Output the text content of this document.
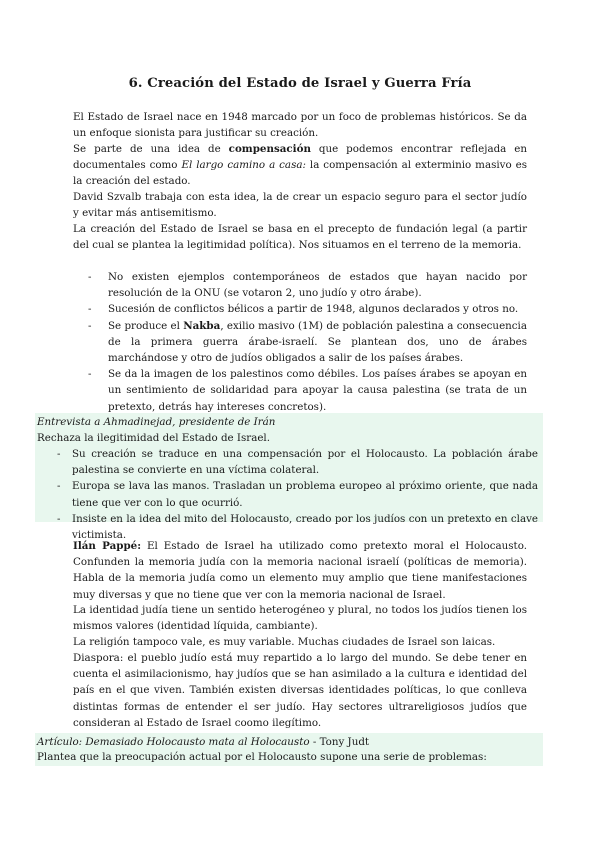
6. Creación del Estado de Israel y Guerra Fría

El Estado de Israel nace en 1948 marcado por un foco de problemas históricos. Se da un enfoque sionista para justificar su creación.

Se parte de una idea de compensación que podemos encontrar reflejada en documentales como El largo camino a casa: la compensación al exterminio masivo es la creación del estado.

David Szvalb trabaja con esta idea, la de crear un espacio seguro para el sector judío y evitar más antisemitismo.

La creación del Estado de Israel se basa en el precepto de fundación legal (a partir del cual se plantea la legitimidad política). Nos situamos en el terreno de la memoria.

- No existen ejemplos contemporáneos de estados que hayan nacido por resolución de la ONU (se votaron 2, uno judío y otro árabe).
- Sucesión de conflictos bélicos a partir de 1948, algunos declarados y otros no.
- Se produce el Nakba, exilio masivo (1M) de población palestina a consecuencia de la primera guerra árabe-israelí. Se plantean dos, uno de árabes marchándose y otro de judíos obligados a salir de los países árabes.
- Se da la imagen de los palestinos como débiles. Los países árabes se apoyan en un sentimiento de solidaridad para apoyar la causa palestina (se trata de un pretexto, detrás hay intereses concretos).

Entrevista a Ahmadinejad, presidente de Irán

Rechaza la ilegitimidad del Estado de Israel.

- Su creación se traduce en una compensación por el Holocausto. La población árabe palestina se convierte en una víctima colateral.
- Europa se lava las manos. Trasladan un problema europeo al próximo oriente, que nada tiene que ver con lo que ocurrió.
- Insiste en la idea del mito del Holocausto, creado por los judíos con un pretexto en clave victimista.

Ilán Pappé: El Estado de Israel ha utilizado como pretexto moral el Holocausto. Confunden la memoria judía con la memoria nacional israelí (políticas de memoria). Habla de la memoria judía como un elemento muy amplio que tiene manifestaciones muy diversas y que no tiene que ver con la memoria nacional de Israel.

La identidad judía tiene un sentido heterogéneo y plural, no todos los judíos tienen los mismos valores (identidad líquida, cambiante).

La religión tampoco vale, es muy variable. Muchas ciudades de Israel son laicas.

Diaspora: el pueblo judío está muy repartido a lo largo del mundo. Se debe tener en cuenta el asimilacionismo, hay judíos que se han asimilado a la cultura e identidad del país en el que viven. También existen diversas identidades políticas, lo que conlleva distintas formas de entender el ser judío. Hay sectores ultrareligiosos judíos que consideran al Estado de Israel coomo ilegítimo.

Artículo: Demasiado Holocausto mata al Holocausto - Tony Judt

Plantea que la preocupación actual por el Holocausto supone una serie de problemas:
